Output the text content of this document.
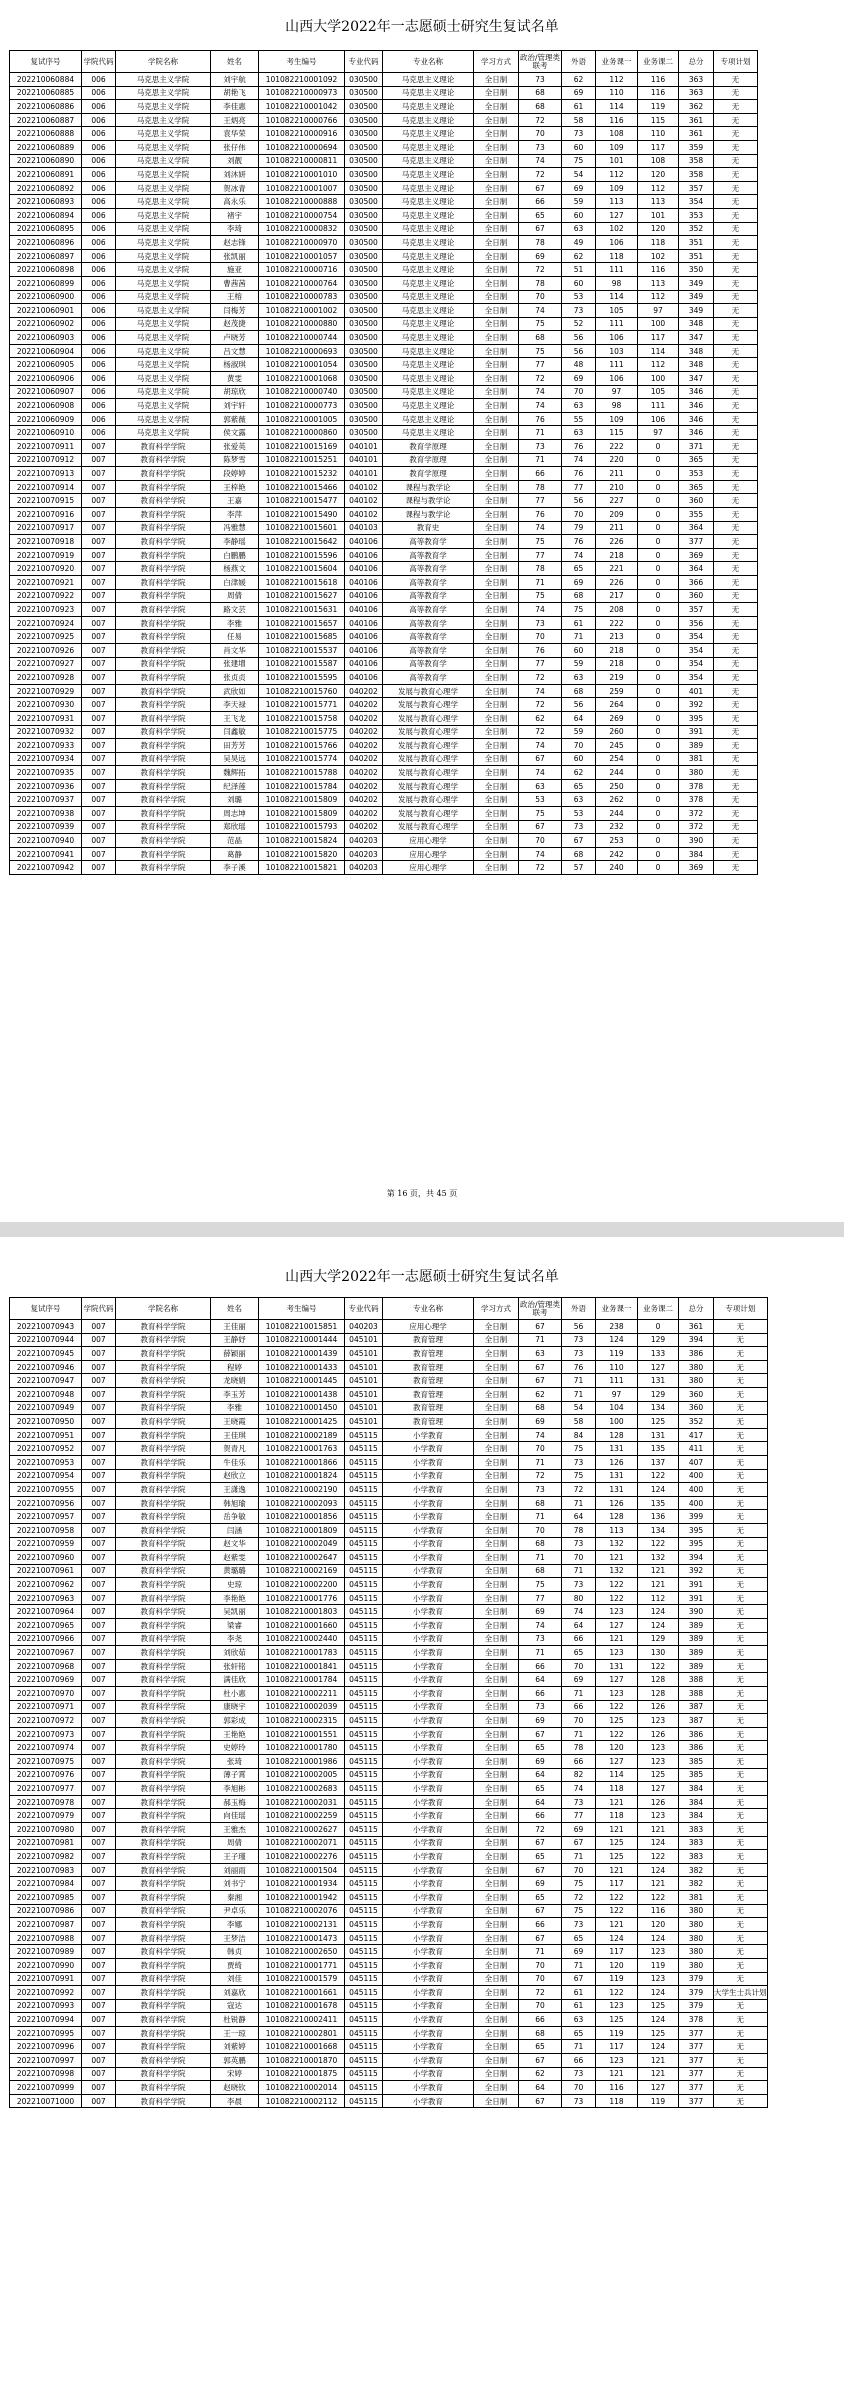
山西大学2022年一志愿硕士研究生复试名单
复试序号	学院代码	学院名称	姓名	考生编号	专业代码	专业名称	学习方式	政治/管理类联考	外语	业务课一	业务课二	总分	专项计划
202210060884	006	马克思主义学院	刘宇航	101082210001092	030500	马克思主义理论	全日制	73	62	112	116	363	无
202210060885	006	马克思主义学院	胡艳飞	101082210000973	030500	马克思主义理论	全日制	68	69	110	116	363	无
202210060886	006	马克思主义学院	李佳惠	101082210001042	030500	马克思主义理论	全日制	68	61	114	119	362	无
202210060887	006	马克思主义学院	王炳亮	101082210000766	030500	马克思主义理论	全日制	72	58	116	115	361	无
202210060888	006	马克思主义学院	袁华荣	101082210000916	030500	马克思主义理论	全日制	70	73	108	110	361	无
202210060889	006	马克思主义学院	张仔伟	101082210000694	030500	马克思主义理论	全日制	73	60	109	117	359	无
202210060890	006	马克思主义学院	刘靓	101082210000811	030500	马克思主义理论	全日制	74	75	101	108	358	无
202210060891	006	马克思主义学院	刘沐妍	101082210001010	030500	马克思主义理论	全日制	72	54	112	120	358	无
202210060892	006	马克思主义学院	贺冰青	101082210001007	030500	马克思主义理论	全日制	67	69	109	112	357	无
202210060893	006	马克思主义学院	高永乐	101082210000888	030500	马克思主义理论	全日制	66	59	113	113	354	无
202210060894	006	马克思主义学院	褚宇	101082210000754	030500	马克思主义理论	全日制	65	60	127	101	353	无
202210060895	006	马克思主义学院	李琦	101082210000832	030500	马克思主义理论	全日制	67	63	102	120	352	无
202210060896	006	马克思主义学院	赵志锋	101082210000970	030500	马克思主义理论	全日制	78	49	106	118	351	无
202210060897	006	马克思主义学院	张凯丽	101082210001057	030500	马克思主义理论	全日制	69	62	118	102	351	无
202210060898	006	马克思主义学院	施亚	101082210000716	030500	马克思主义理论	全日制	72	51	111	116	350	无
202210060899	006	马克思主义学院	曹茜茜	101082210000764	030500	马克思主义理论	全日制	78	60	98	113	349	无
202210060900	006	马克思主义学院	王榕	101082210000783	030500	马克思主义理论	全日制	70	53	114	112	349	无
202210060901	006	马克思主义学院	闫梅芳	101082210001002	030500	马克思主义理论	全日制	74	73	105	97	349	无
202210060902	006	马克思主义学院	赵茂捷	101082210000880	030500	马克思主义理论	全日制	75	52	111	100	348	无
202210060903	006	马克思主义学院	卢晓芳	101082210000744	030500	马克思主义理论	全日制	68	56	106	117	347	无
202210060904	006	马克思主义学院	吕文慧	101082210000693	030500	马克思主义理论	全日制	75	56	103	114	348	无
202210060905	006	马克思主义学院	杨淑琪	101082210001054	030500	马克思主义理论	全日制	77	48	111	112	348	无
202210060906	006	马克思主义学院	黄雯	101082210001068	030500	马克思主义理论	全日制	72	69	106	100	347	无
202210060907	006	马克思主义学院	胡琼欣	101082210000740	030500	马克思主义理论	全日制	74	70	97	105	346	无
202210060908	006	马克思主义学院	刘宇轩	101082210000773	030500	马克思主义理论	全日制	74	63	98	111	346	无
202210060909	006	马克思主义学院	郭紫薇	101082210001005	030500	马克思主义理论	全日制	76	55	109	106	346	无
202210060910	006	马克思主义学院	侯文露	101082210000860	030500	马克思主义理论	全日制	71	63	115	97	346	无
202210070911	007	教育科学学院	张爱英	101082210015169	040101	教育学原理	全日制	73	76	222	0	371	无
202210070912	007	教育科学学院	陈梦雪	101082210015251	040101	教育学原理	全日制	71	74	220	0	365	无
202210070913	007	教育科学学院	段婷婷	101082210015232	040101	教育学原理	全日制	66	76	211	0	353	无
202210070914	007	教育科学学院	王梓艳	101082210015466	040102	课程与教学论	全日制	78	77	210	0	365	无
202210070915	007	教育科学学院	王嘉	101082210015477	040102	课程与教学论	全日制	77	56	227	0	360	无
202210070916	007	教育科学学院	李萍	101082210015490	040102	课程与教学论	全日制	76	70	209	0	355	无
202210070917	007	教育科学学院	冯雅慧	101082210015601	040103	教育史	全日制	74	79	211	0	364	无
202210070918	007	教育科学学院	李静瑶	101082210015642	040106	高等教育学	全日制	75	76	226	0	377	无
202210070919	007	教育科学学院	白鹏鹏	101082210015596	040106	高等教育学	全日制	77	74	218	0	369	无
202210070920	007	教育科学学院	杨燕文	101082210015604	040106	高等教育学	全日制	78	65	221	0	364	无
202210070921	007	教育科学学院	白津媛	101082210015618	040106	高等教育学	全日制	71	69	226	0	366	无
202210070922	007	教育科学学院	周倩	101082210015627	040106	高等教育学	全日制	75	68	217	0	360	无
202210070923	007	教育科学学院	路文芸	101082210015631	040106	高等教育学	全日制	74	75	208	0	357	无
202210070924	007	教育科学学院	李雅	101082210015657	040106	高等教育学	全日制	73	61	222	0	356	无
202210070925	007	教育科学学院	任易	101082210015685	040106	高等教育学	全日制	70	71	213	0	354	无
202210070926	007	教育科学学院	肖文华	101082210015537	040106	高等教育学	全日制	76	60	218	0	354	无
202210070927	007	教育科学学院	张建增	101082210015587	040106	高等教育学	全日制	77	59	218	0	354	无
202210070928	007	教育科学学院	张贞贞	101082210015595	040106	高等教育学	全日制	72	63	219	0	354	无
202210070929	007	教育科学学院	武欣如	101082210015760	040202	发展与教育心理学	全日制	74	68	259	0	401	无
202210070930	007	教育科学学院	李天禄	101082210015771	040202	发展与教育心理学	全日制	72	56	264	0	392	无
202210070931	007	教育科学学院	王飞龙	101082210015758	040202	发展与教育心理学	全日制	62	64	269	0	395	无
202210070932	007	教育科学学院	闫鑫敏	101082210015775	040202	发展与教育心理学	全日制	72	59	260	0	391	无
202210070933	007	教育科学学院	田芳芳	101082210015766	040202	发展与教育心理学	全日制	74	70	245	0	389	无
202210070934	007	教育科学学院	吴昊远	101082210015774	040202	发展与教育心理学	全日制	67	60	254	0	381	无
202210070935	007	教育科学学院	魏辉拓	101082210015788	040202	发展与教育心理学	全日制	74	62	244	0	380	无
202210070936	007	教育科学学院	纪泽莲	101082210015784	040202	发展与教育心理学	全日制	63	65	250	0	378	无
202210070937	007	教育科学学院	刘璐	101082210015809	040202	发展与教育心理学	全日制	53	63	262	0	378	无
202210070938	007	教育科学学院	周志坤	101082210015809	040202	发展与教育心理学	全日制	75	53	244	0	372	无
202210070939	007	教育科学学院	郑欣瑶	101082210015793	040202	发展与教育心理学	全日制	67	73	232	0	372	无
202210070940	007	教育科学学院	范晶	101082210015824	040203	应用心理学	全日制	70	67	253	0	390	无
202210070941	007	教育科学学院	葛静	101082210015820	040203	应用心理学	全日制	74	68	242	0	384	无
202210070942	007	教育科学学院	李子溪	101082210015821	040203	应用心理学	全日制	72	57	240	0	369	无
第 16 页，共 45 页
山西大学2022年一志愿硕士研究生复试名单
复试序号	学院代码	学院名称	姓名	考生编号	专业代码	专业名称	学习方式	政治/管理类联考	外语	业务课一	业务课二	总分	专项计划
202210070943	007	教育科学学院	王佳丽	101082210015851	040203	应用心理学	全日制	67	56	238	0	361	无
202210070944	007	教育科学学院	王静妤	101082210001444	045101	教育管理	全日制	71	73	124	129	394	无
202210070945	007	教育科学学院	薛颖丽	101082210001439	045101	教育管理	全日制	63	73	119	133	386	无
202210070946	007	教育科学学院	程婷	101082210001433	045101	教育管理	全日制	67	76	110	127	380	无
202210070947	007	教育科学学院	龙晓娟	101082210001445	045101	教育管理	全日制	67	71	111	131	380	无
202210070948	007	教育科学学院	李玉芳	101082210001438	045101	教育管理	全日制	62	71	97	129	360	无
202210070949	007	教育科学学院	李雅	101082210001450	045101	教育管理	全日制	68	54	104	134	360	无
202210070950	007	教育科学学院	王晓霞	101082210001425	045101	教育管理	全日制	69	58	100	125	352	无
202210070951	007	教育科学学院	王佳琪	101082210002189	045115	小学教育	全日制	74	84	128	131	417	无
202210070952	007	教育科学学院	贺青凡	101082210001763	045115	小学教育	全日制	70	75	131	135	411	无
202210070953	007	教育科学学院	牛佳乐	101082210001866	045115	小学教育	全日制	71	73	126	137	407	无
202210070954	007	教育科学学院	赵欣立	101082210001824	045115	小学教育	全日制	72	75	131	122	400	无
202210070955	007	教育科学学院	王潇逸	101082210002190	045115	小学教育	全日制	73	72	131	124	400	无
202210070956	007	教育科学学院	韩旭瑜	101082210002093	045115	小学教育	全日制	68	71	126	135	400	无
202210070957	007	教育科学学院	岳争敏	101082210001856	045115	小学教育	全日制	71	64	128	136	399	无
202210070958	007	教育科学学院	闫涵	101082210001809	045115	小学教育	全日制	70	78	113	134	395	无
202210070959	007	教育科学学院	赵文华	101082210002049	045115	小学教育	全日制	68	73	132	122	395	无
202210070960	007	教育科学学院	赵紫雯	101082210002647	045115	小学教育	全日制	71	70	121	132	394	无
202210070961	007	教育科学学院	黄璐璐	101082210002169	045115	小学教育	全日制	68	71	132	121	392	无
202210070962	007	教育科学学院	史琼	101082210002200	045115	小学教育	全日制	75	73	122	121	391	无
202210070963	007	教育科学学院	李艳艳	101082210001776	045115	小学教育	全日制	77	80	122	112	391	无
202210070964	007	教育科学学院	吴凯丽	101082210001803	045115	小学教育	全日制	69	74	123	124	390	无
202210070965	007	教育科学学院	梁睿	101082210001660	045115	小学教育	全日制	74	64	127	124	389	无
202210070966	007	教育科学学院	李尧	101082210002440	045115	小学教育	全日制	73	66	121	129	389	无
202210070967	007	教育科学学院	刘欣茹	101082210001783	045115	小学教育	全日制	71	65	123	130	389	无
202210070968	007	教育科学学院	张轩铭	101082210001841	045115	小学教育	全日制	66	70	131	122	389	无
202210070969	007	教育科学学院	满佳欣	101082210001784	045115	小学教育	全日制	64	69	127	128	388	无
202210070970	007	教育科学学院	杜小惠	101082210002211	045115	小学教育	全日制	66	71	123	128	388	无
202210070971	007	教育科学学院	康晓宇	101082210002039	045115	小学教育	全日制	73	66	122	126	387	无
202210070972	007	教育科学学院	郭彩成	101082210002315	045115	小学教育	全日制	69	70	125	123	387	无
202210070973	007	教育科学学院	王艳艳	101082210001551	045115	小学教育	全日制	67	71	122	126	386	无
202210070974	007	教育科学学院	史婷玲	101082210001780	045115	小学教育	全日制	65	78	120	123	386	无
202210070975	007	教育科学学院	张琦	101082210001986	045115	小学教育	全日制	69	66	127	123	385	无
202210070976	007	教育科学学院	薄子霄	101082210002005	045115	小学教育	全日制	64	82	114	125	385	无
202210070977	007	教育科学学院	李旭彬	101082210002683	045115	小学教育	全日制	65	74	118	127	384	无
202210070978	007	教育科学学院	郝玉梅	101082210002031	045115	小学教育	全日制	64	73	121	126	384	无
202210070979	007	教育科学学院	向佳瑶	101082210002259	045115	小学教育	全日制	66	77	118	123	384	无
202210070980	007	教育科学学院	王雅杰	101082210002627	045115	小学教育	全日制	72	69	121	121	383	无
202210070981	007	教育科学学院	周倩	101082210002071	045115	小学教育	全日制	67	67	125	124	383	无
202210070982	007	教育科学学院	王子瑾	101082210002276	045115	小学教育	全日制	65	71	125	122	383	无
202210070983	007	教育科学学院	刘丽雨	101082210001504	045115	小学教育	全日制	67	70	121	124	382	无
202210070984	007	教育科学学院	刘书宁	101082210001934	045115	小学教育	全日制	69	75	117	121	382	无
202210070985	007	教育科学学院	秦湘	101082210001942	045115	小学教育	全日制	65	72	122	122	381	无
202210070986	007	教育科学学院	尹卓乐	101082210002076	045115	小学教育	全日制	67	75	122	116	380	无
202210070987	007	教育科学学院	李娜	101082210002131	045115	小学教育	全日制	66	73	121	120	380	无
202210070988	007	教育科学学院	王梦洁	101082210001473	045115	小学教育	全日制	67	65	124	124	380	无
202210070989	007	教育科学学院	韩贞	101082210002650	045115	小学教育	全日制	71	69	117	123	380	无
202210070990	007	教育科学学院	贾绮	101082210001771	045115	小学教育	全日制	70	71	120	119	380	无
202210070991	007	教育科学学院	刘佳	101082210001579	045115	小学教育	全日制	70	67	119	123	379	无
202210070992	007	教育科学学院	刘嘉欣	101082210001661	045115	小学教育	全日制	72	61	122	124	379	大学生士兵计划
202210070993	007	教育科学学院	寇达	101082210001678	045115	小学教育	全日制	70	61	123	125	379	无
202210070994	007	教育科学学院	杜锐静	101082210002411	045115	小学教育	全日制	66	63	125	124	378	无
202210070995	007	教育科学学院	王一琼	101082210002801	045115	小学教育	全日制	68	65	119	125	377	无
202210070996	007	教育科学学院	刘紫婷	101082210001668	045115	小学教育	全日制	65	71	117	124	377	无
202210070997	007	教育科学学院	郭英鹏	101082210001870	045115	小学教育	全日制	67	66	123	121	377	无
202210070998	007	教育科学学院	宋婷	101082210001875	045115	小学教育	全日制	62	73	121	121	377	无
202210070999	007	教育科学学院	赵晓钦	101082210002014	045115	小学教育	全日制	64	70	116	127	377	无
202210071000	007	教育科学学院	李晨	101082210002112	045115	小学教育	全日制	67	73	118	119	377	无
